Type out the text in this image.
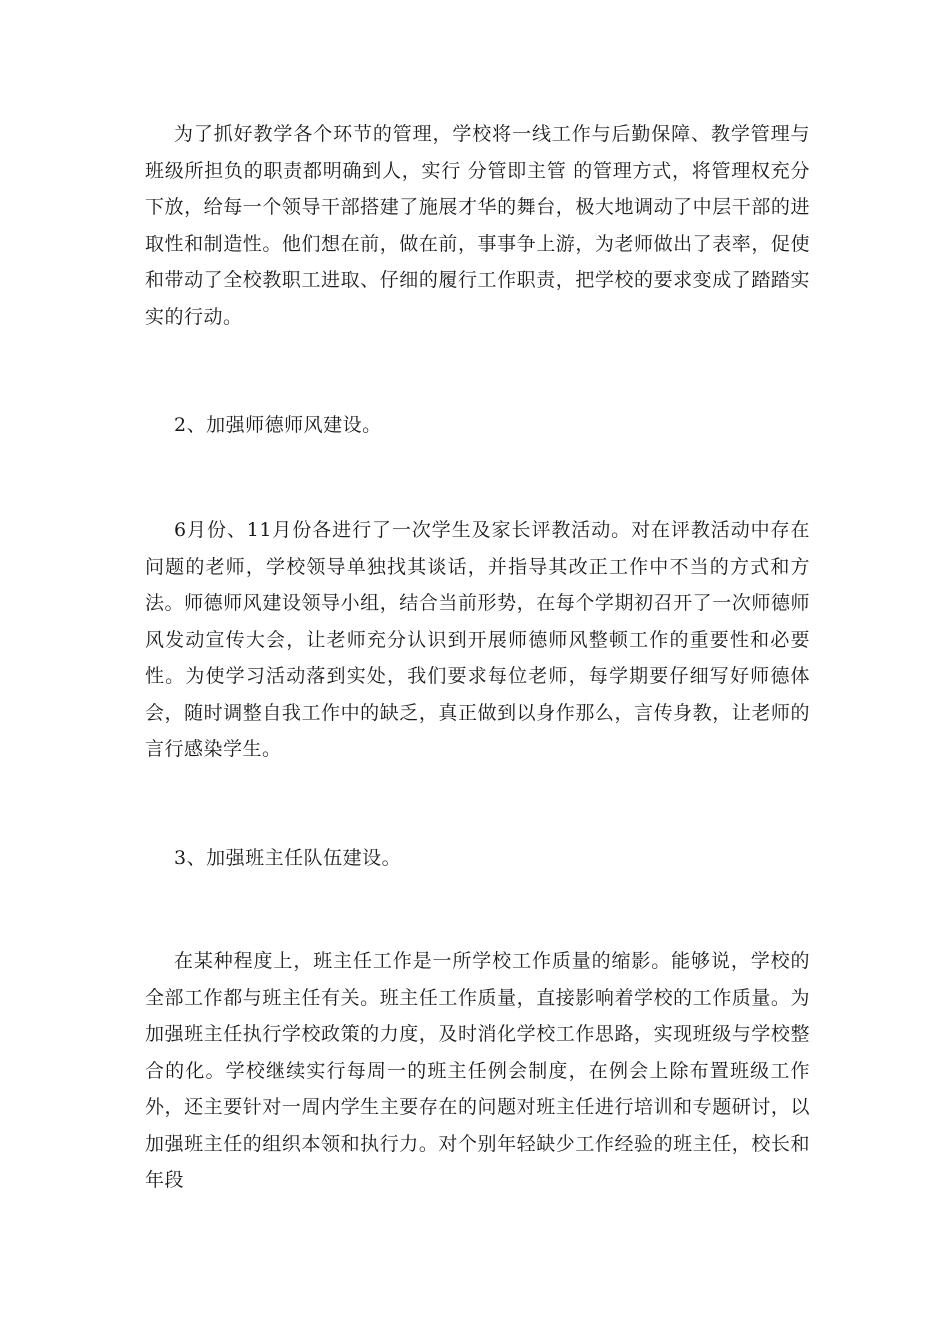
为了抓好教学各个环节的管理，学校将一线工作与后勤保障、教学管理与班级所担负的职责都明确到人，实行 分管即主管 的管理方式，将管理权充分下放，给每一个领导干部搭建了施展才华的舞台，极大地调动了中层干部的进取性和制造性。他们想在前，做在前，事事争上游，为老师做出了表率，促使和带动了全校教职工进取、仔细的履行工作职责，把学校的要求变成了踏踏实实的行动。

2、加强师德师风建设。

6月份、11月份各进行了一次学生及家长评教活动。对在评教活动中存在问题的老师，学校领导单独找其谈话，并指导其改正工作中不当的方式和方法。师德师风建设领导小组，结合当前形势，在每个学期初召开了一次师德师风发动宣传大会，让老师充分认识到开展师德师风整顿工作的重要性和必要性。为使学习活动落到实处，我们要求每位老师，每学期要仔细写好师德体会，随时调整自我工作中的缺乏，真正做到以身作那么，言传身教，让老师的言行感染学生。

3、加强班主任队伍建设。

在某种程度上，班主任工作是一所学校工作质量的缩影。能够说，学校的全部工作都与班主任有关。班主任工作质量，直接影响着学校的工作质量。为加强班主任执行学校政策的力度，及时消化学校工作思路，实现班级与学校整合的化。学校继续实行每周一的班主任例会制度，在例会上除布置班级工作外，还主要针对一周内学生主要存在的问题对班主任进行培训和专题研讨，以加强班主任的组织本领和执行力。对个别年轻缺少工作经验的班主任，校长和年段
